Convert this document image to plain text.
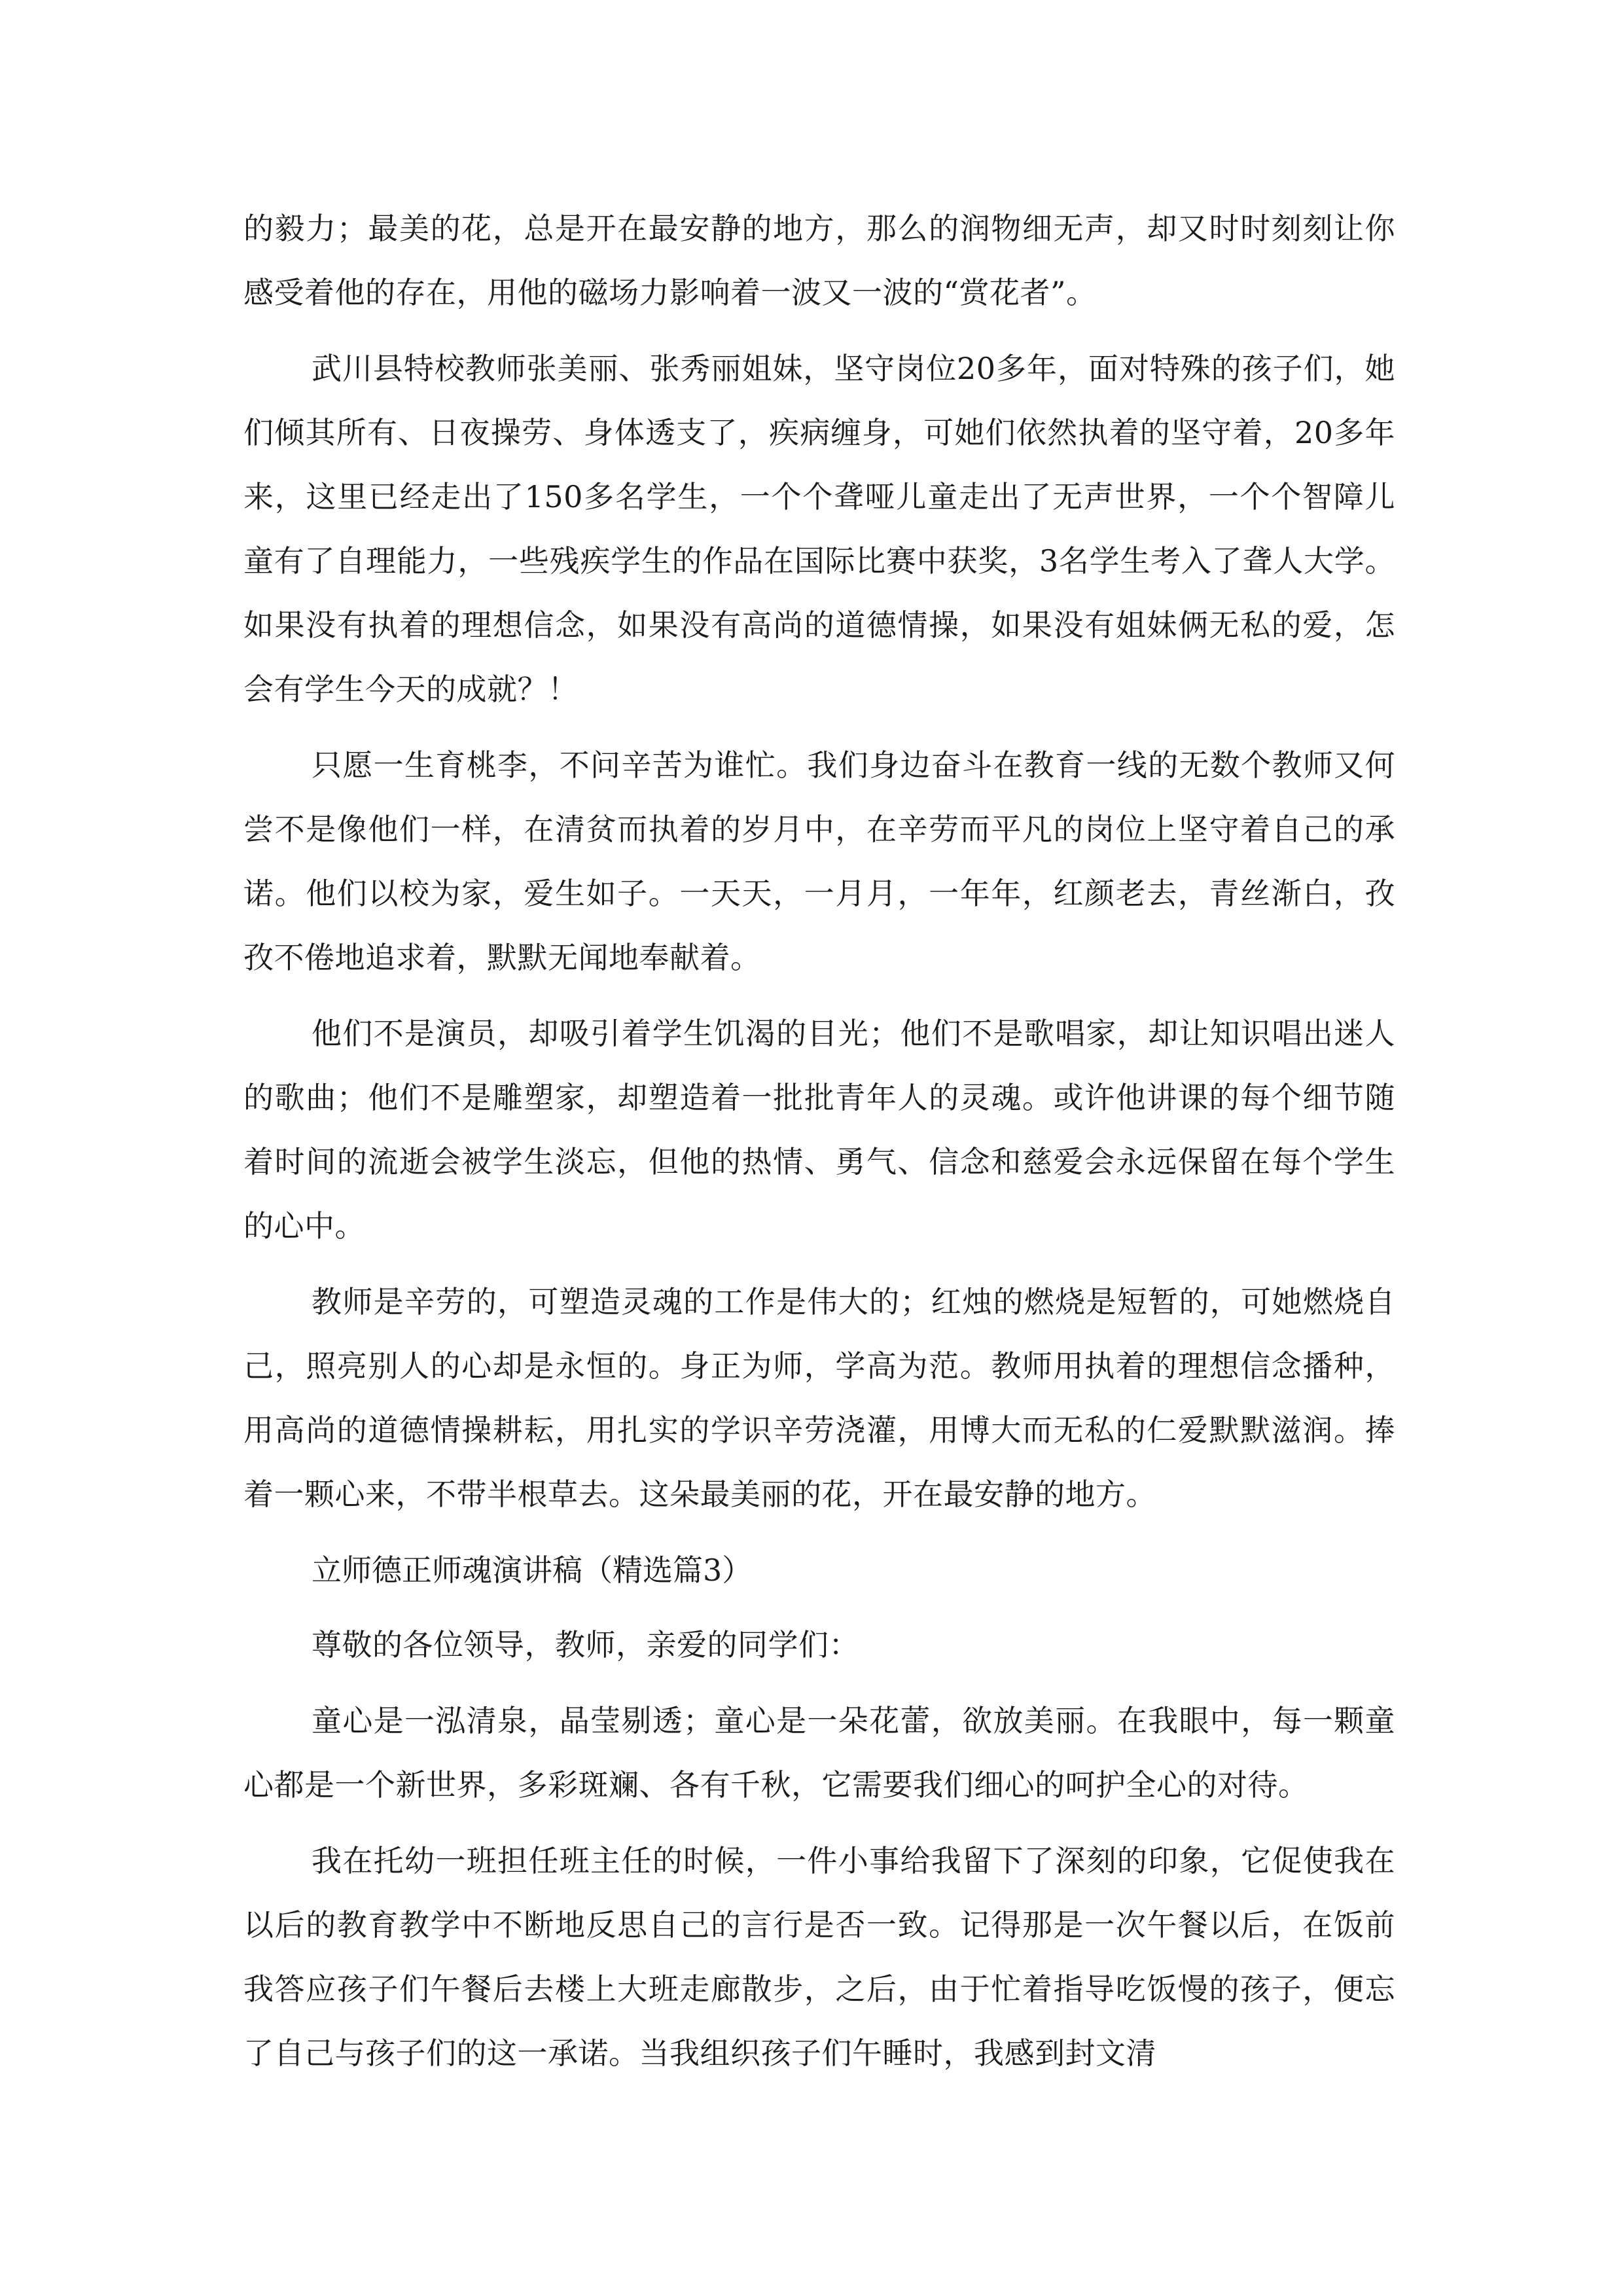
的毅力；最美的花，总是开在最安静的地方，那么的润物细无声，却又时时刻刻让你感受着他的存在，用他的磁场力影响着一波又一波的“赏花者”。

武川县特校教师张美丽、张秀丽姐妹，坚守岗位20多年，面对特殊的孩子们，她们倾其所有、日夜操劳、身体透支了，疾病缠身，可她们依然执着的坚守着，20多年来，这里已经走出了150多名学生，一个个聋哑儿童走出了无声世界，一个个智障儿童有了自理能力，一些残疾学生的作品在国际比赛中获奖，3名学生考入了聋人大学。如果没有执着的理想信念，如果没有高尚的道德情操，如果没有姐妹俩无私的爱，怎会有学生今天的成就？！

只愿一生育桃李，不问辛苦为谁忙。我们身边奋斗在教育一线的无数个教师又何尝不是像他们一样，在清贫而执着的岁月中，在辛劳而平凡的岗位上坚守着自己的承诺。他们以校为家，爱生如子。一天天，一月月，一年年，红颜老去，青丝渐白，孜孜不倦地追求着，默默无闻地奉献着。

他们不是演员，却吸引着学生饥渴的目光；他们不是歌唱家，却让知识唱出迷人的歌曲；他们不是雕塑家，却塑造着一批批青年人的灵魂。或许他讲课的每个细节随着时间的流逝会被学生淡忘，但他的热情、勇气、信念和慈爱会永远保留在每个学生的心中。

教师是辛劳的，可塑造灵魂的工作是伟大的；红烛的燃烧是短暂的，可她燃烧自己，照亮别人的心却是永恒的。身正为师，学高为范。教师用执着的理想信念播种，用高尚的道德情操耕耘，用扎实的学识辛劳浇灌，用博大而无私的仁爱默默滋润。捧着一颗心来，不带半根草去。这朵最美丽的花，开在最安静的地方。

立师德正师魂演讲稿（精选篇3）

尊敬的各位领导，教师，亲爱的同学们：

童心是一泓清泉，晶莹剔透；童心是一朵花蕾，欲放美丽。在我眼中，每一颗童心都是一个新世界，多彩斑斓、各有千秋，它需要我们细心的呵护全心的对待。

我在托幼一班担任班主任的时候，一件小事给我留下了深刻的印象，它促使我在以后的教育教学中不断地反思自己的言行是否一致。记得那是一次午餐以后，在饭前我答应孩子们午餐后去楼上大班走廊散步，之后，由于忙着指导吃饭慢的孩子，便忘了自己与孩子们的这一承诺。当我组织孩子们午睡时，我感到封文清
